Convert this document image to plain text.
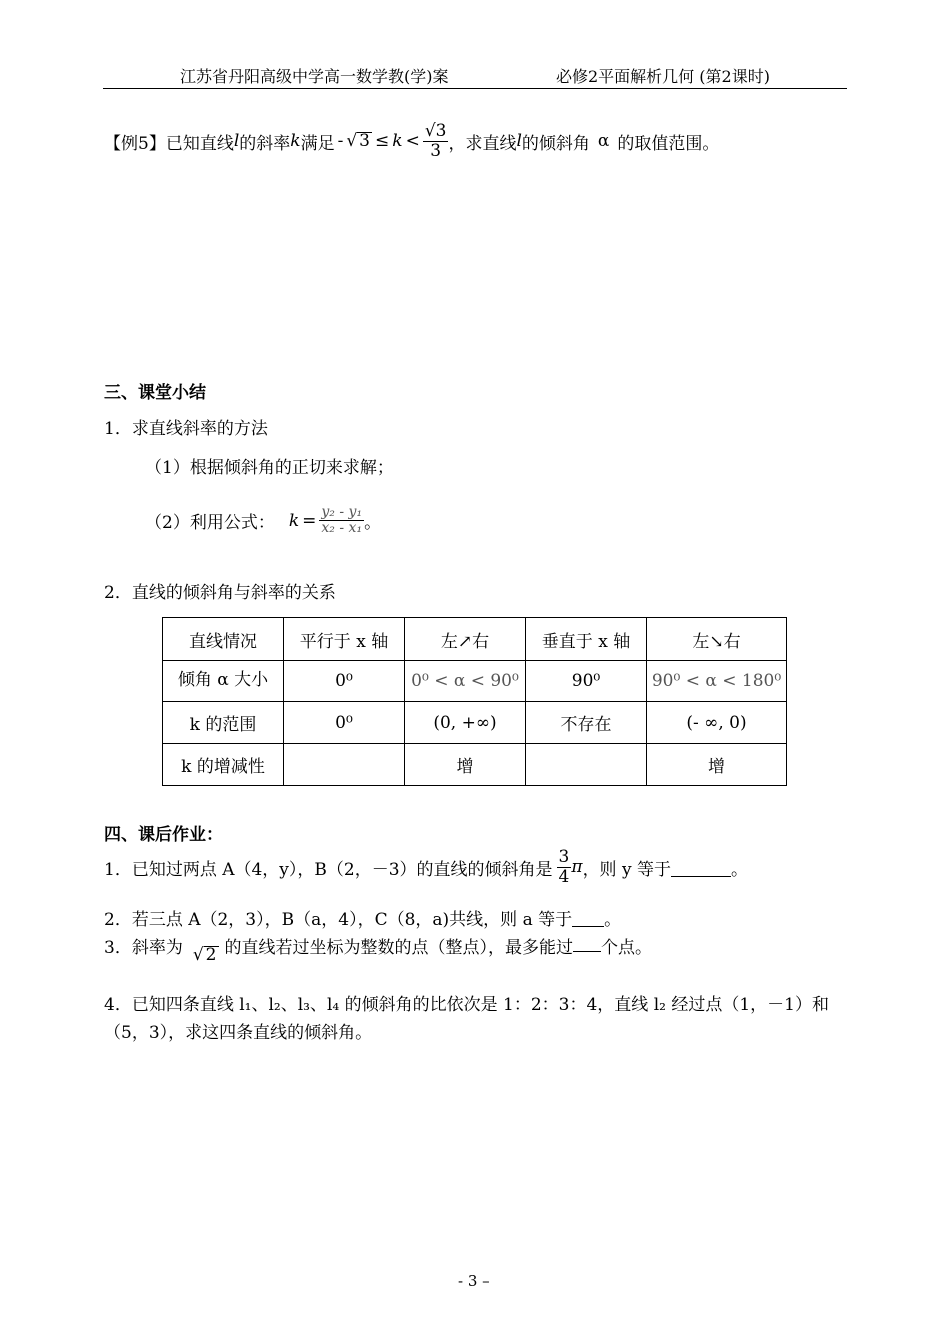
江苏省丹阳高级中学高一数学教(学)案	必修2平面解析几何 (第2课时)
【例5】 已知直线 l 的斜率 k 满足 - √ $3 \le k < \frac{√3}{3}$ ，求直线 l 的倾斜角 α 的取值范围。
三、课堂小结
1．求直线斜率的方法
（1）根据倾斜角的正切来求解；
（2）利用公式： $k = \frac{\text{y₂ - y₁}}{\text{x₂ - x₁}}$ 。
2．直线的倾斜角与斜率的关系
直线情况	平行于 x 轴	左↗右	垂直于 x 轴	左↘右
倾角 α 大小	0⁰	0⁰ < α < 90⁰	90⁰	90⁰ < α < 180⁰
k 的范围	0⁰	(0, +∞)	不存在	(- ∞, 0)
k 的增减性		增		增
四、课后作业：
1．已知过两点 A（4，y），B（2，－3）的直线的倾斜角是 $\frac{3}{4}$ π ，则 y 等于	。
2．若三点 A（2，3），B（a，4），C（8，a)共线，则 a 等于 。
3．斜率为 √ 2 的直线若过坐标为整数的点（整点），最多能过 个点。
4．已知四条直线 l₁、l₂、l₃、l₄ 的倾斜角的比依次是 1：2：3：4，直线 l₂ 经过点（1，－1）和
（5，3），求这四条直线的倾斜角。
- 3 –
